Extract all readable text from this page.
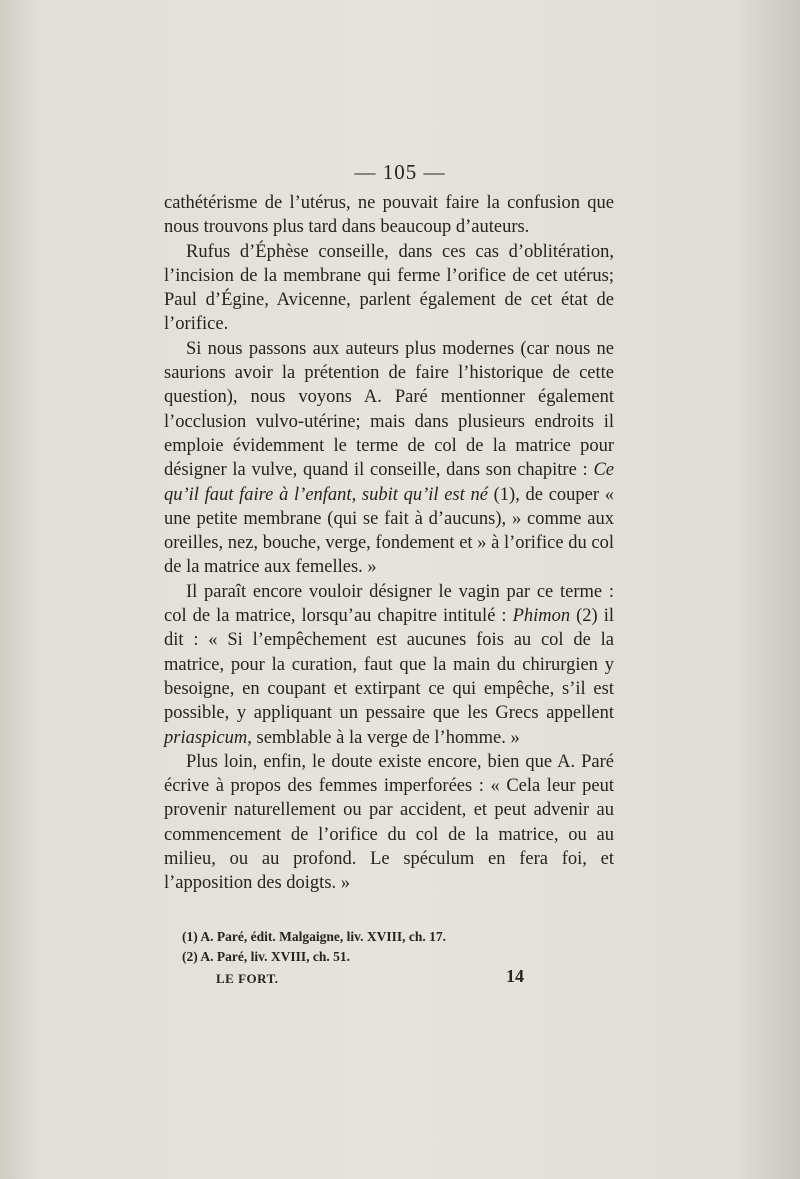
— 105 —

cathétérisme de l’utérus, ne pouvait faire la confusion que nous trouvons plus tard dans beaucoup d’auteurs.

Rufus d’Éphèse conseille, dans ces cas d’oblitération, l’incision de la membrane qui ferme l’orifice de cet utérus; Paul d’Égine, Avicenne, parlent également de cet état de l’orifice.

Si nous passons aux auteurs plus modernes (car nous ne saurions avoir la prétention de faire l’historique de cette question), nous voyons A. Paré mentionner également l’occlusion vulvo-utérine; mais dans plusieurs endroits il emploie évidemment le terme de col de la matrice pour désigner la vulve, quand il conseille, dans son chapitre : Ce qu’il faut faire à l’enfant, subit qu’il est né (1), de couper « une petite membrane (qui se fait à d’aucuns), » comme aux oreilles, nez, bouche, verge, fondement et » à l’orifice du col de la matrice aux femelles. »

Il paraît encore vouloir désigner le vagin par ce terme : col de la matrice, lorsqu’au chapitre intitulé : Phimon (2) il dit : « Si l’empêchement est aucunes fois au col de la matrice, pour la curation, faut que la main du chirurgien y besoigne, en coupant et extirpant ce qui empêche, s’il est possible, y appliquant un pessaire que les Grecs appellent priaspicum, semblable à la verge de l’homme. »

Plus loin, enfin, le doute existe encore, bien que A. Paré écrive à propos des femmes imperforées : « Cela leur peut provenir naturellement ou par accident, et peut advenir au commencement de l’orifice du col de la matrice, ou au milieu, ou au profond. Le spéculum en fera foi, et l’apposition des doigts. »

(1) A. Paré, édit. Malgaigne, liv. XVIII, ch. 17.

(2) A. Paré, liv. XVIII, ch. 51.

LE FORT.	14
